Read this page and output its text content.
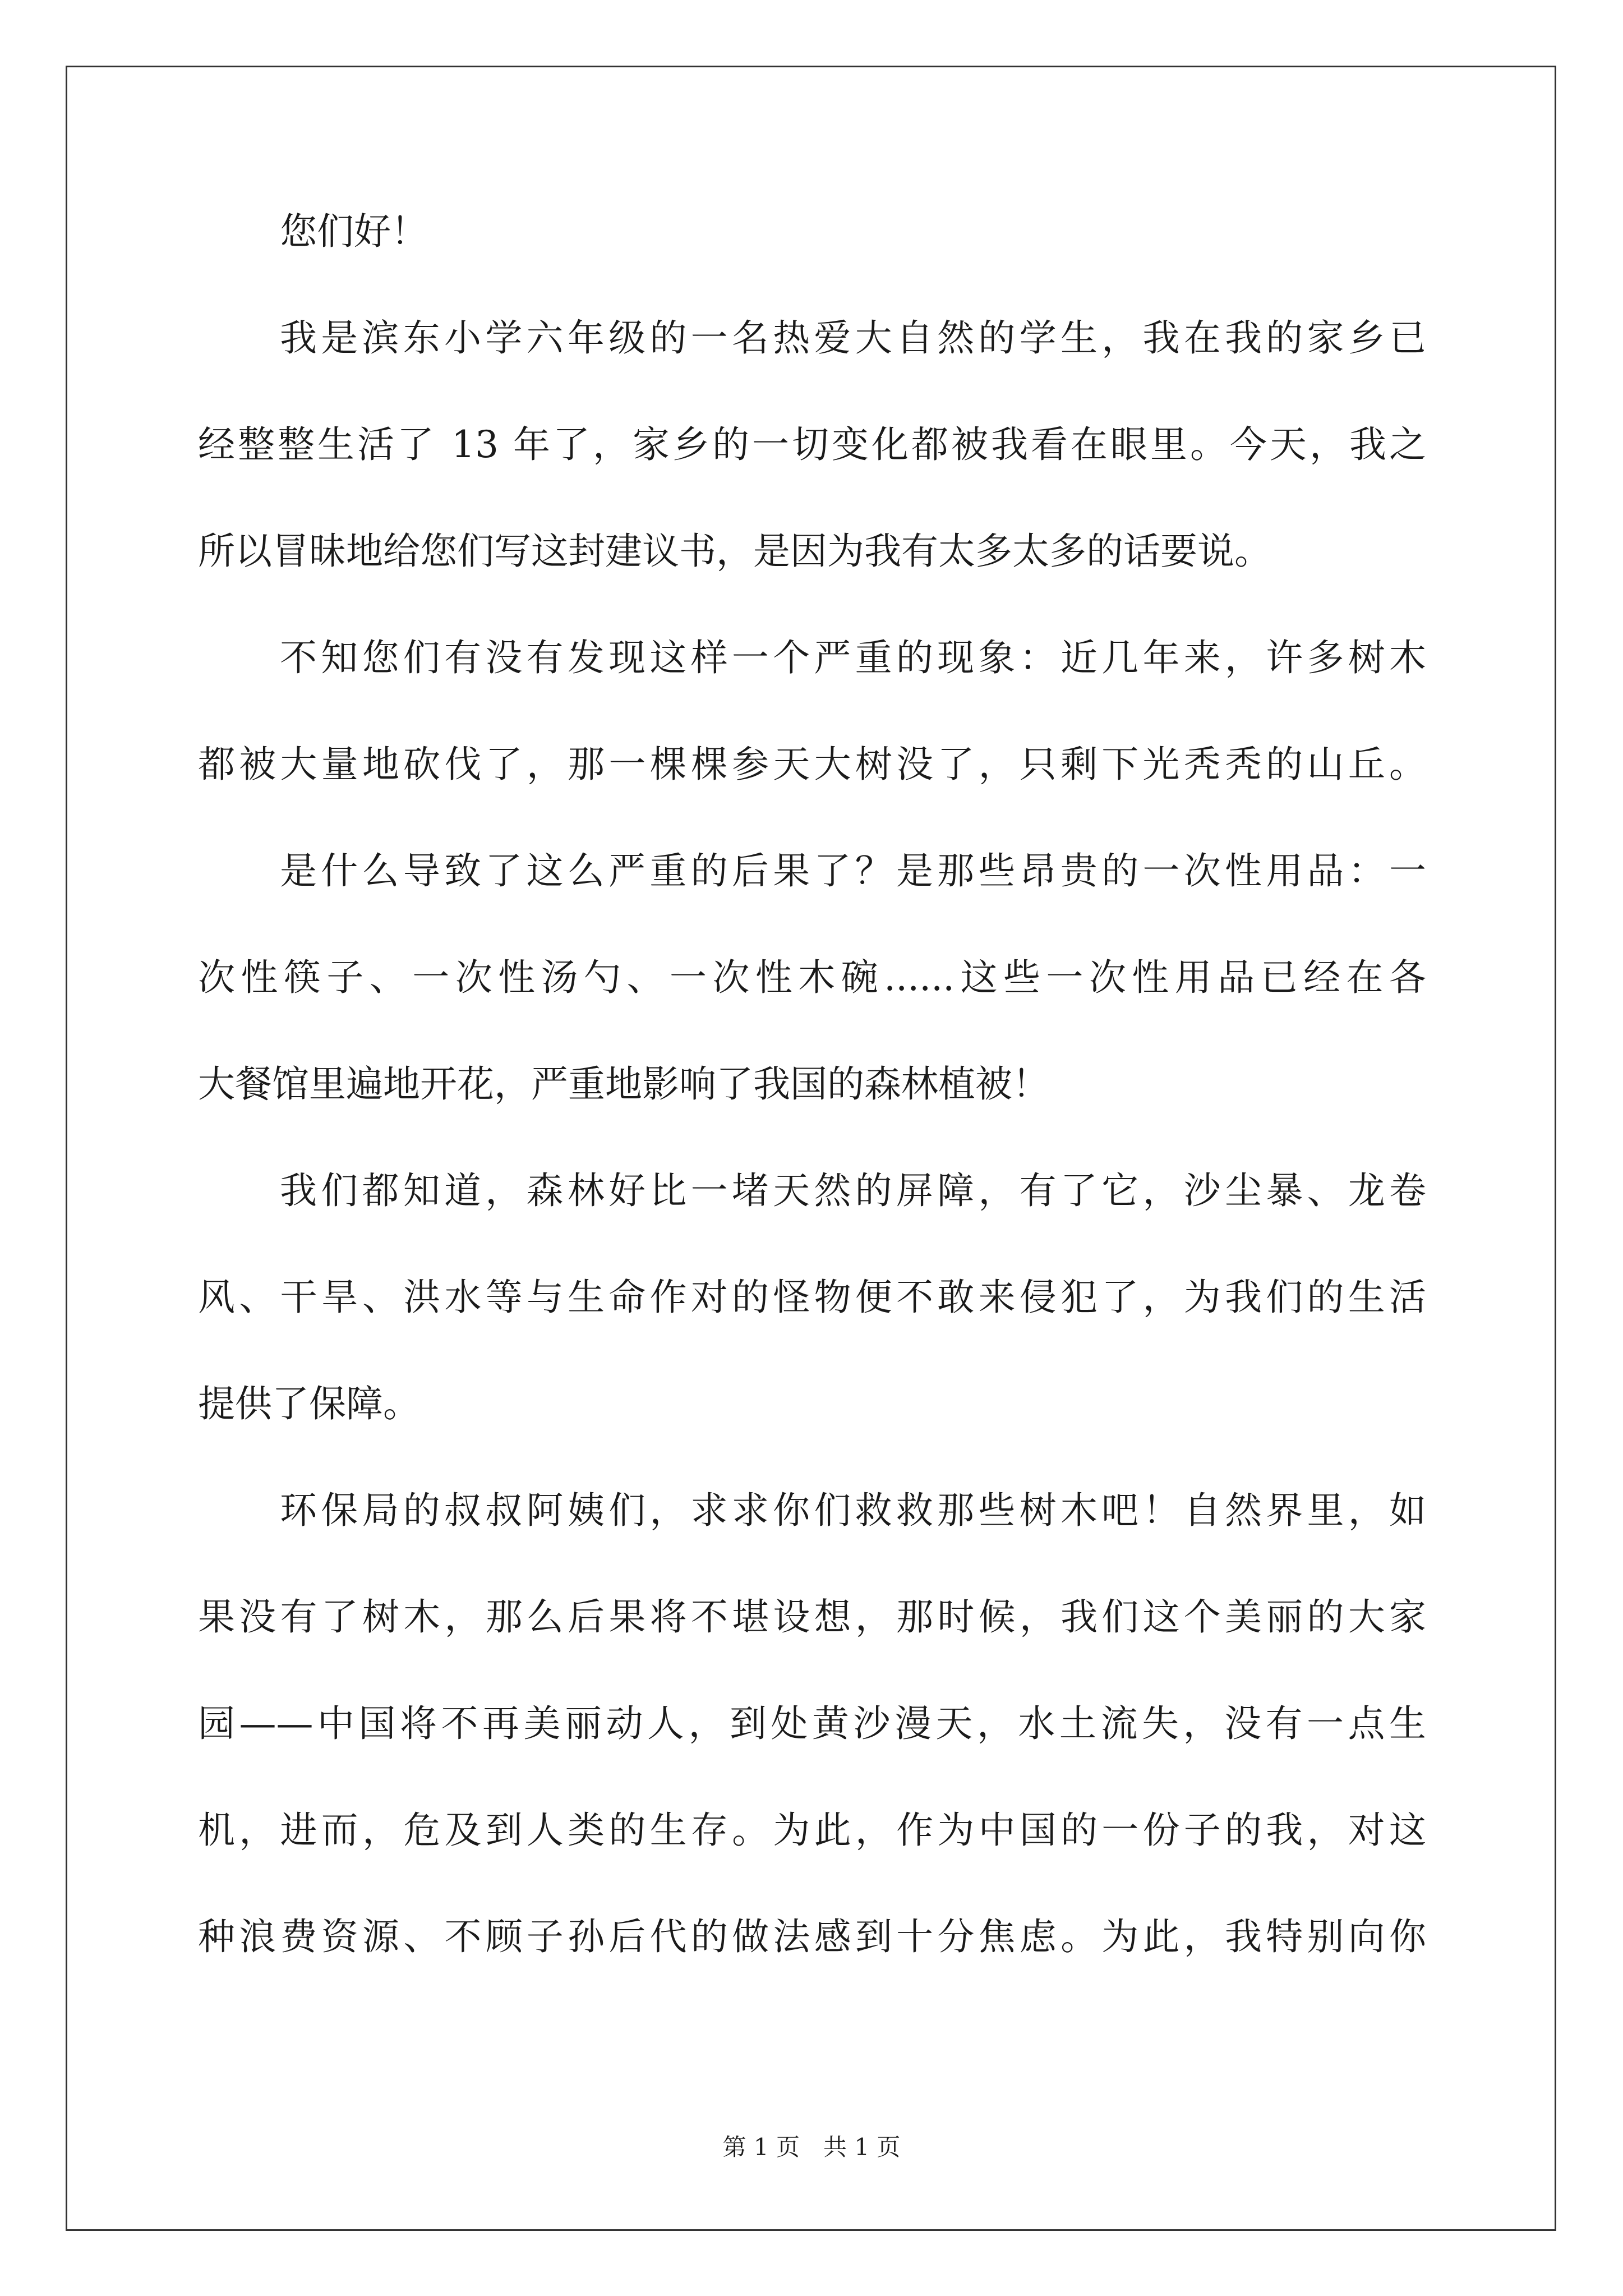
您们好！
我是滨东小学六年级的一名热爱大自然的学生，我在我的家乡已
经整整生活了 13 年了，家乡的一切变化都被我看在眼里。今天，我之
所以冒昧地给您们写这封建议书，是因为我有太多太多的话要说。
不知您们有没有发现这样一个严重的现象：近几年来，许多树木
都被大量地砍伐了，那一棵棵参天大树没了，只剩下光秃秃的山丘。
是什么导致了这么严重的后果了？是那些昂贵的一次性用品：一
次性筷子、一次性汤勺、一次性木碗......这些一次性用品已经在各
大餐馆里遍地开花，严重地影响了我国的森林植被！
我们都知道，森林好比一堵天然的屏障，有了它，沙尘暴、龙卷
风、干旱、洪水等与生命作对的怪物便不敢来侵犯了，为我们的生活
提供了保障。
环保局的叔叔阿姨们，求求你们救救那些树木吧！自然界里，如
果没有了树木，那么后果将不堪设想，那时候，我们这个美丽的大家
园——中国将不再美丽动人，到处黄沙漫天，水土流失，没有一点生
机，进而，危及到人类的生存。为此，作为中国的一份子的我，对这
种浪费资源、不顾子孙后代的做法感到十分焦虑。为此，我特别向你
第 1 页　共 1 页
